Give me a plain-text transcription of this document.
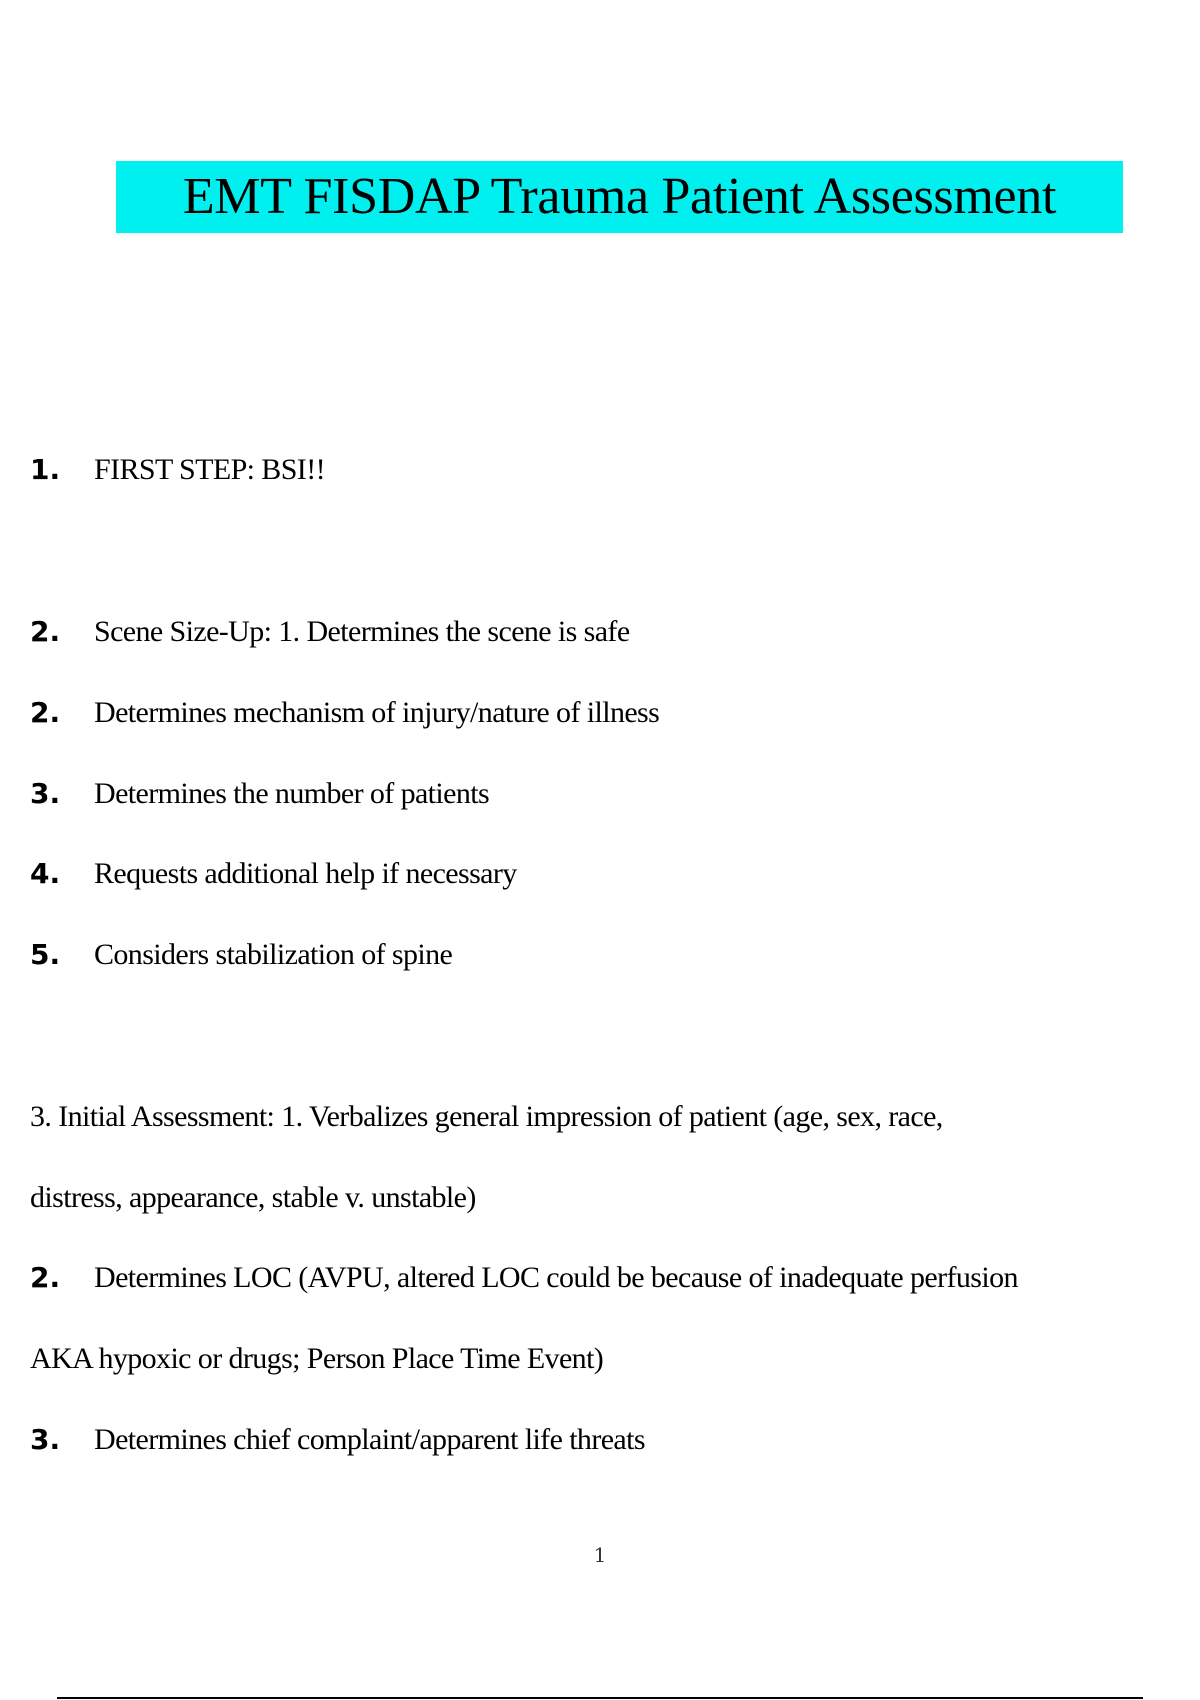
EMT FISDAP Trauma Patient Assessment
1. FIRST STEP: BSI!!
2. Scene Size-Up: 1. Determines the scene is safe
2. Determines mechanism of injury/nature of illness
3. Determines the number of patients
4. Requests additional help if necessary
5. Considers stabilization of spine
3. Initial Assessment: 1. Verbalizes general impression of patient (age, sex, race,
distress, appearance, stable v. unstable)
2. Determines LOC (AVPU, altered LOC could be because of inadequate perfusion
AKA hypoxic or drugs; Person Place Time Event)
3. Determines chief complaint/apparent life threats
1
